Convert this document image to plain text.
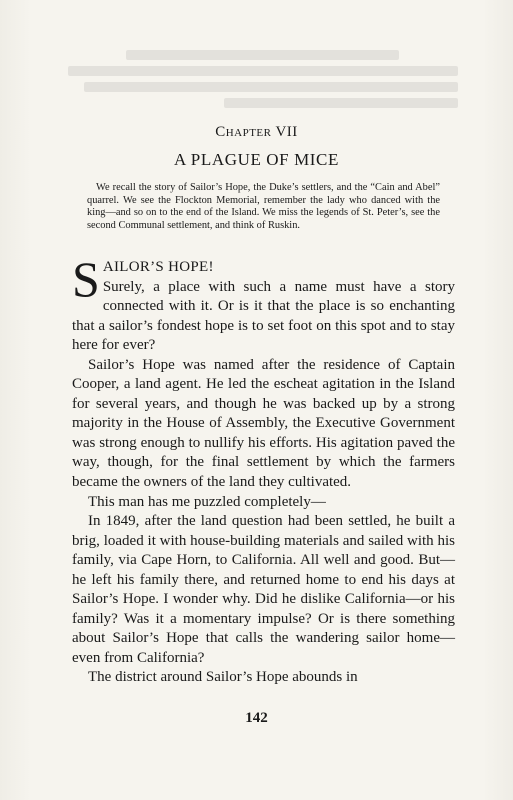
Chapter VII
A PLAGUE OF MICE

We recall the story of Sailor’s Hope, the Duke’s settlers, and the “Cain and Abel” quarrel. We see the Flockton Memorial, remember the lady who danced with the king—and so on to the end of the Island. We miss the legends of St. Peter’s, see the second Communal settlement, and think of Ruskin.

SAILOR’S HOPE!
Surely, a place with such a name must have a story connected with it. Or is it that the place is so enchanting that a sailor’s fondest hope is to set foot on this spot and to stay here for ever?

Sailor’s Hope was named after the residence of Captain Cooper, a land agent. He led the escheat agitation in the Island for several years, and though he was backed up by a strong majority in the House of Assembly, the Executive Government was strong enough to nullify his efforts. His agitation paved the way, though, for the final settlement by which the farmers became the owners of the land they cultivated.

This man has me puzzled completely—

In 1849, after the land question had been settled, he built a brig, loaded it with house-building materials and sailed with his family, via Cape Horn, to California. All well and good. But—he left his family there, and returned home to end his days at Sailor’s Hope. I wonder why. Did he dislike California—or his family? Was it a momentary impulse? Or is there something about Sailor’s Hope that calls the wandering sailor home—even from California?

The district around Sailor’s Hope abounds in

142
